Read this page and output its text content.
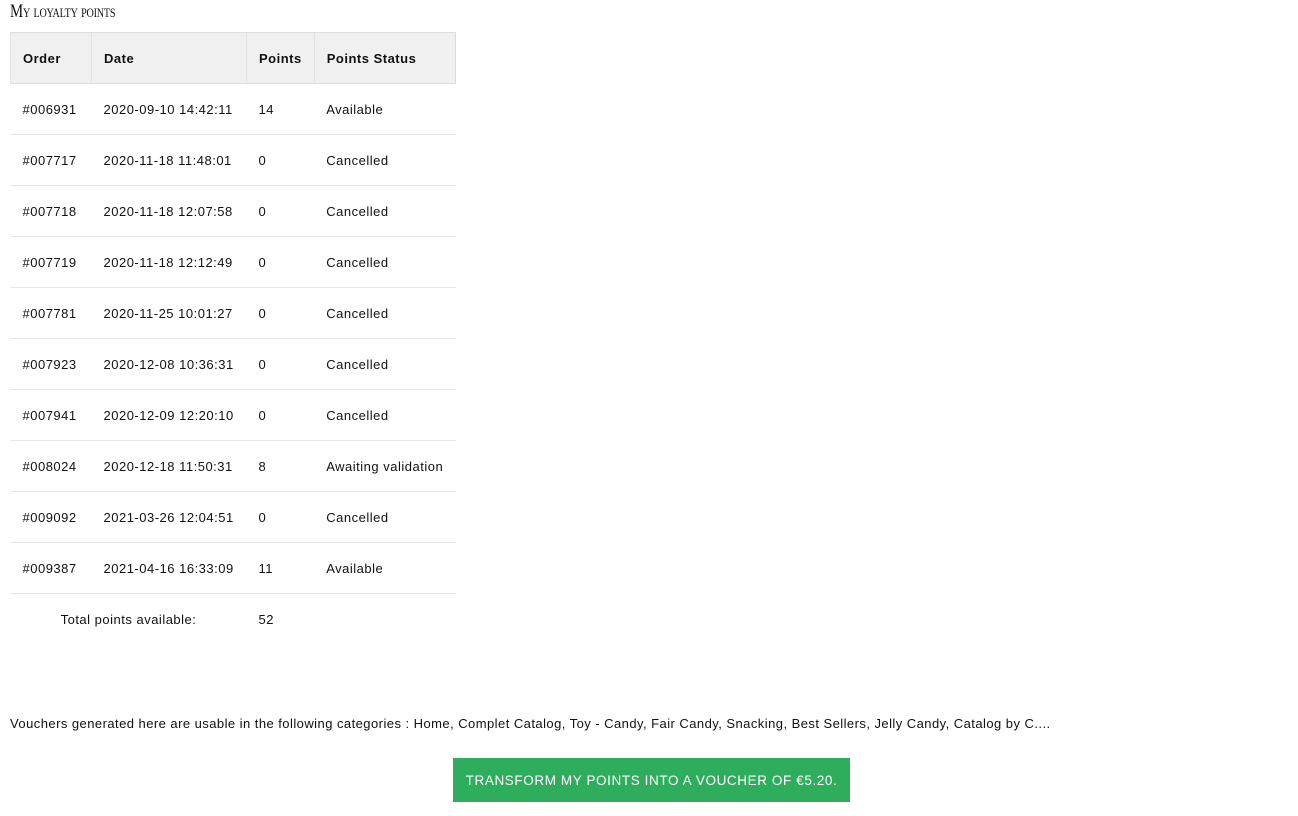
My loyalty points
Order	Date	Points	Points Status
#006931	2020-09-10 14:42:11	14	Available
#007717	2020-11-18 11:48:01	0	Cancelled
#007718	2020-11-18 12:07:58	0	Cancelled
#007719	2020-11-18 12:12:49	0	Cancelled
#007781	2020-11-25 10:01:27	0	Cancelled
#007923	2020-12-08 10:36:31	0	Cancelled
#007941	2020-12-09 12:20:10	0	Cancelled
#008024	2020-12-18 11:50:31	8	Awaiting validation
#009092	2021-03-26 12:04:51	0	Cancelled
#009387	2021-04-16 16:33:09	11	Available
Total points available:		52	
Vouchers generated here are usable in the following categories : Home, Complet Catalog, Toy - Candy, Fair Candy, Snacking, Best Sellers, Jelly Candy, Catalog by C....
TRANSFORM MY POINTS INTO A VOUCHER OF €5.20.
